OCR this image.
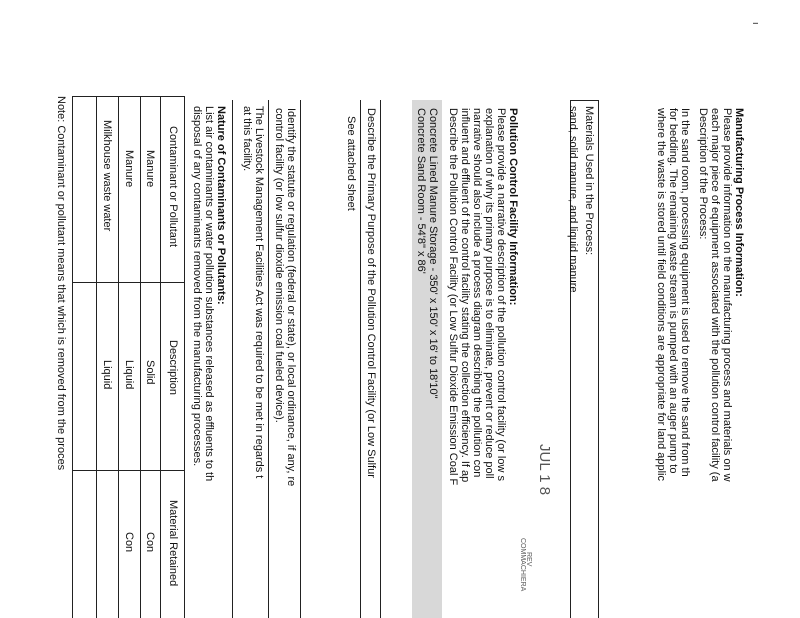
ı
Manufacturing Process Information:
Please provide information on the manufacturing process and materials on w
each major piece of equipment associated with the pollution control facility (a
Description of the Process:
In the sand room, processing equipment is used to remove the sand from th
for bedding. The remaining waste stream is pumped with an auger pump to
where the waste is stored until field conditions are appropriate for land applic
Materials Used in the Process:
sand, solid manure, and liquid manure
JUL 1 8
REV
COMMACHIERA
Pollution Control Facility Information:
Please provide a narrative description of the pollution control facility (or low s
explanation of why its primary purpose is to eliminate, prevent or reduce poll
narrative should also include a process diagram describing the pollution con
influent and effluent of the control facility stating the collection efficiency. If ap
Describe the Pollution Control Facility (or Low Sulfur Dioxide Emission Coal F
Concrete Lined Manure Storage - 350' x 150' x 16' to 18'10"
Concrete Sand Room - 54'8" x 86'
Describe the Primary Purpose of the Pollution Control Facility (or Low Sulfur
See attached sheet
Identify the statute or regulation (federal or state), or local ordinance, if any, re
control facility (or low sulfur dioxide emission coal fueled device).
The Livestock Management Facilities Act was required to be met in regards t
at this facility.
Nature of Contaminants or Pollutants:
List air contaminants or water pollution substances released as effluents to th
disposal of any contaminants removed from the manufacturing processes.
Contaminant or Pollutant
Description
Material Retained
Manure
Solid
Con
Manure
Liquid
Con
Milkhouse waste water
Liquid
Note: Contaminant or pollutant means that which is removed from the proces
